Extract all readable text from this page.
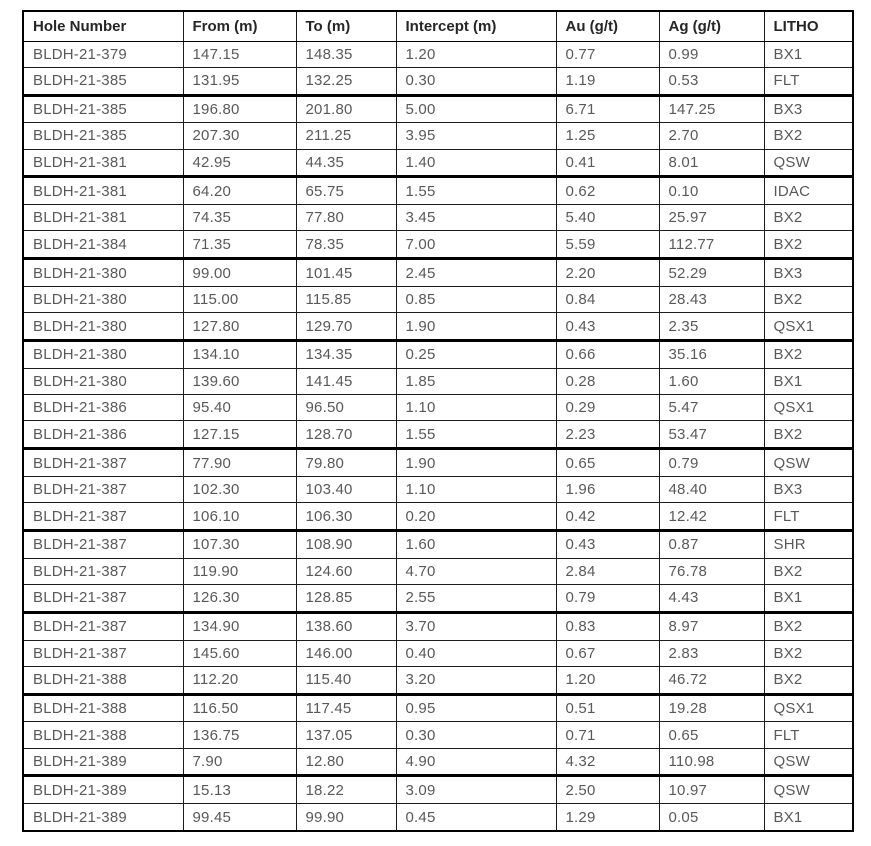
Hole Number	From (m)	To (m)	Intercept (m)	Au (g/t)	Ag (g/t)	LITHO
BLDH-21-379	147.15	148.35	1.20	0.77	0.99	BX1
BLDH-21-385	131.95	132.25	0.30	1.19	0.53	FLT
BLDH-21-385	196.80	201.80	5.00	6.71	147.25	BX3
BLDH-21-385	207.30	211.25	3.95	1.25	2.70	BX2
BLDH-21-381	42.95	44.35	1.40	0.41	8.01	QSW
BLDH-21-381	64.20	65.75	1.55	0.62	0.10	IDAC
BLDH-21-381	74.35	77.80	3.45	5.40	25.97	BX2
BLDH-21-384	71.35	78.35	7.00	5.59	112.77	BX2
BLDH-21-380	99.00	101.45	2.45	2.20	52.29	BX3
BLDH-21-380	115.00	115.85	0.85	0.84	28.43	BX2
BLDH-21-380	127.80	129.70	1.90	0.43	2.35	QSX1
BLDH-21-380	134.10	134.35	0.25	0.66	35.16	BX2
BLDH-21-380	139.60	141.45	1.85	0.28	1.60	BX1
BLDH-21-386	95.40	96.50	1.10	0.29	5.47	QSX1
BLDH-21-386	127.15	128.70	1.55	2.23	53.47	BX2
BLDH-21-387	77.90	79.80	1.90	0.65	0.79	QSW
BLDH-21-387	102.30	103.40	1.10	1.96	48.40	BX3
BLDH-21-387	106.10	106.30	0.20	0.42	12.42	FLT
BLDH-21-387	107.30	108.90	1.60	0.43	0.87	SHR
BLDH-21-387	119.90	124.60	4.70	2.84	76.78	BX2
BLDH-21-387	126.30	128.85	2.55	0.79	4.43	BX1
BLDH-21-387	134.90	138.60	3.70	0.83	8.97	BX2
BLDH-21-387	145.60	146.00	0.40	0.67	2.83	BX2
BLDH-21-388	112.20	115.40	3.20	1.20	46.72	BX2
BLDH-21-388	116.50	117.45	0.95	0.51	19.28	QSX1
BLDH-21-388	136.75	137.05	0.30	0.71	0.65	FLT
BLDH-21-389	7.90	12.80	4.90	4.32	110.98	QSW
BLDH-21-389	15.13	18.22	3.09	2.50	10.97	QSW
BLDH-21-389	99.45	99.90	0.45	1.29	0.05	BX1
